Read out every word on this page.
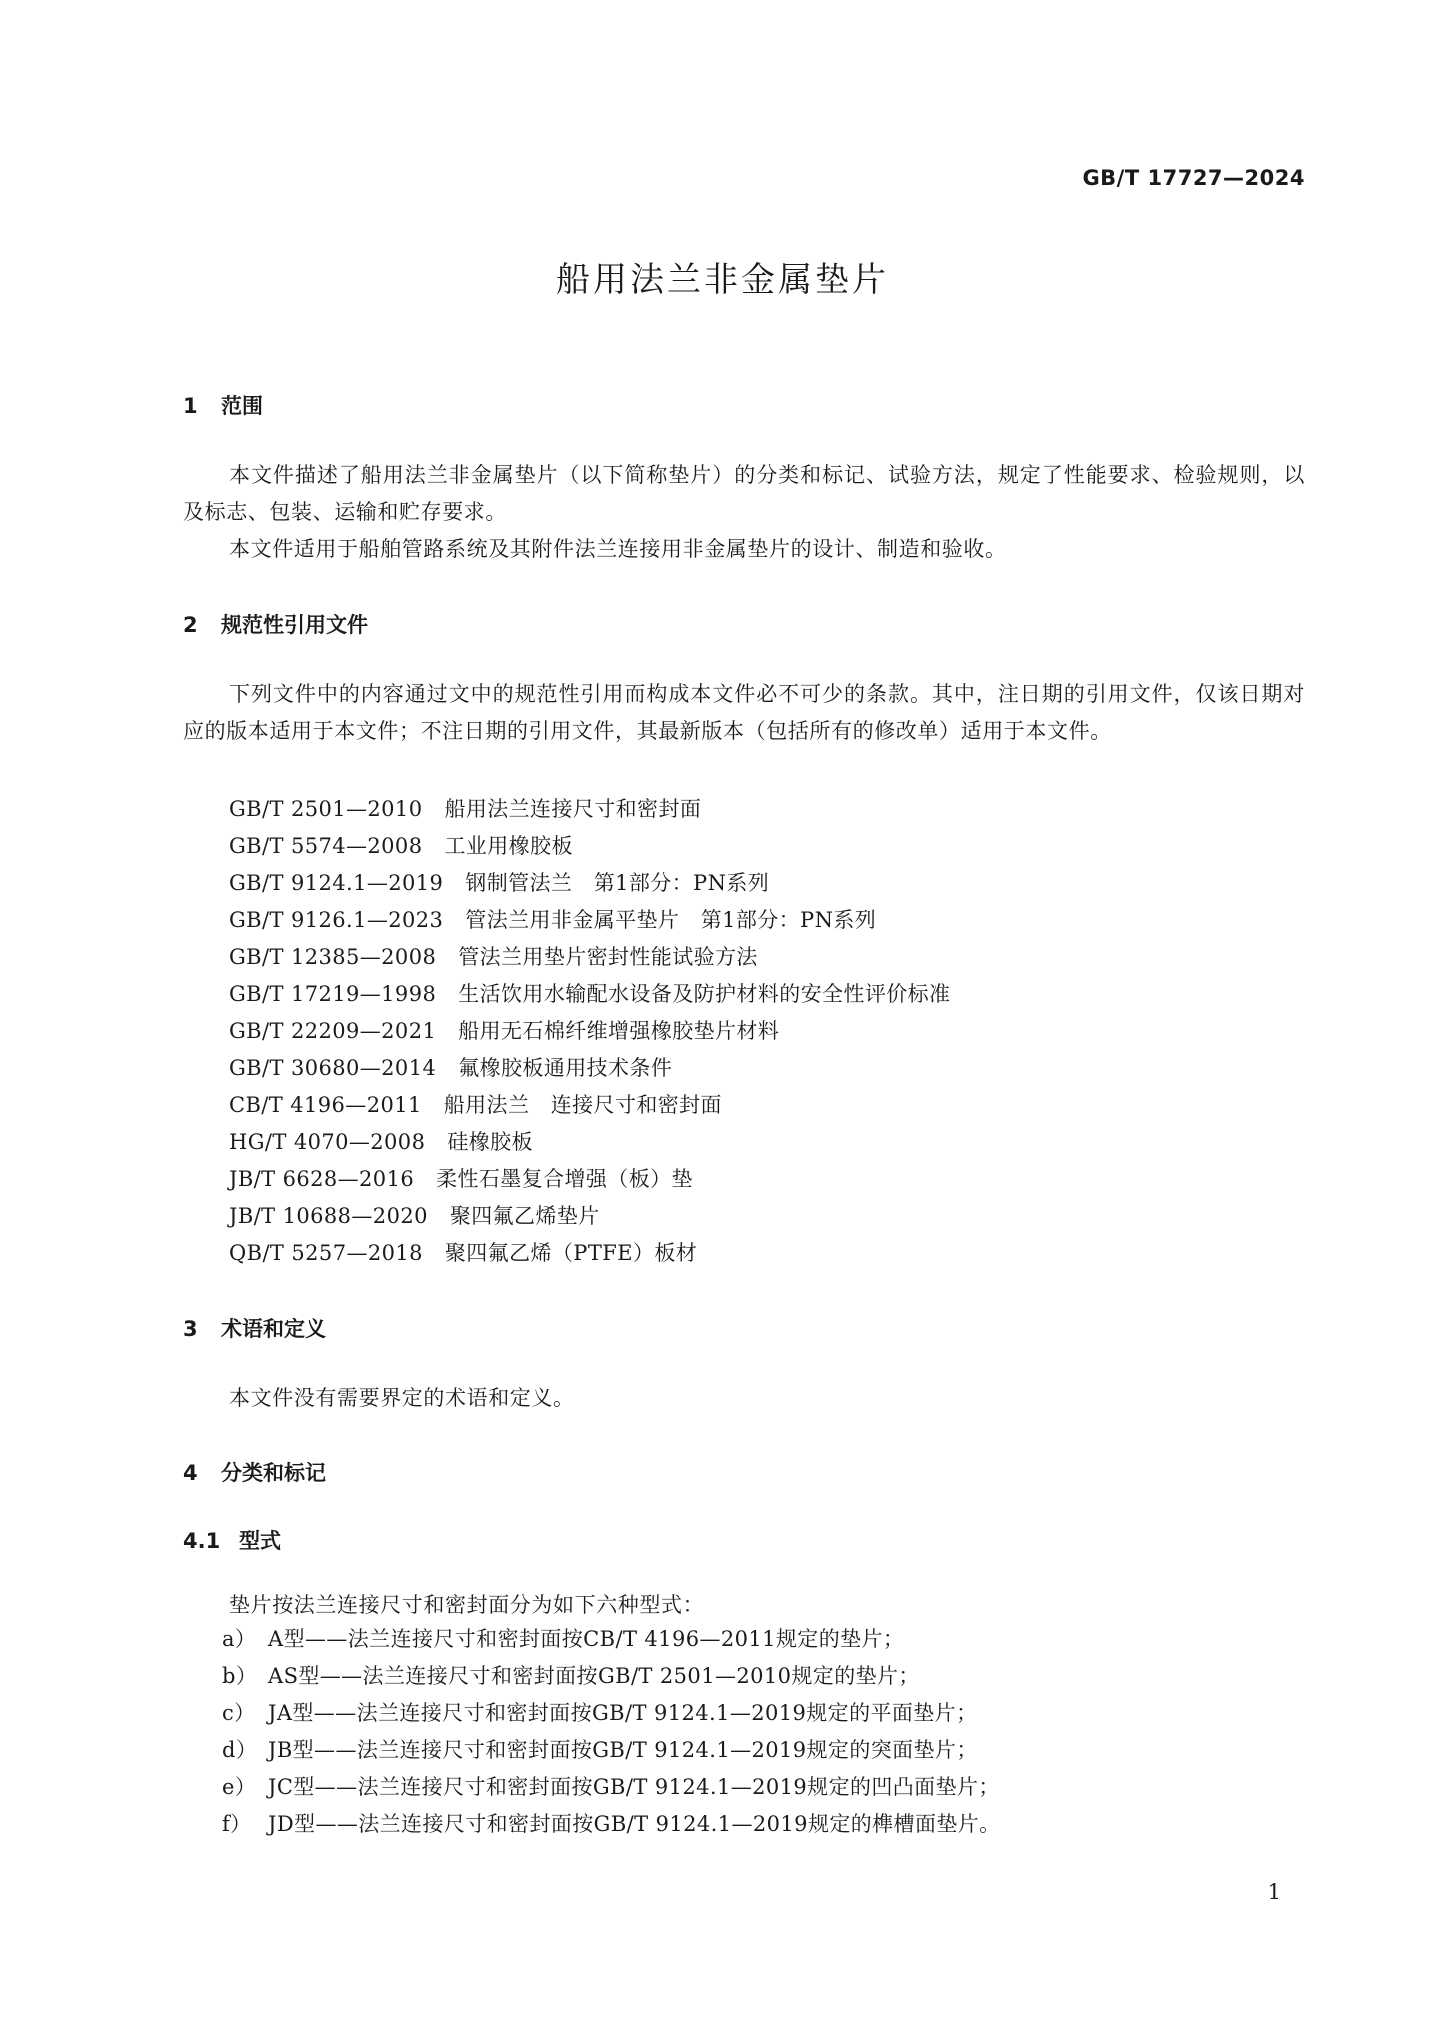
GB/T 17727—2024
船用法兰非金属垫片
1 范围
本文件描述了船用法兰非金属垫片（以下简称垫片）的分类和标记、试验方法，规定了性能要求、检验规则，以及标志、包装、运输和贮存要求。
本文件适用于船舶管路系统及其附件法兰连接用非金属垫片的设计、制造和验收。
2 规范性引用文件
下列文件中的内容通过文中的规范性引用而构成本文件必不可少的条款。其中，注日期的引用文件，仅该日期对应的版本适用于本文件；不注日期的引用文件，其最新版本（包括所有的修改单）适用于本文件。
GB/T 2501—2010 船用法兰连接尺寸和密封面
GB/T 5574—2008 工业用橡胶板
GB/T 9124.1—2019 钢制管法兰　第1部分：PN系列
GB/T 9126.1—2023 管法兰用非金属平垫片　第1部分：PN系列
GB/T 12385—2008 管法兰用垫片密封性能试验方法
GB/T 17219—1998 生活饮用水输配水设备及防护材料的安全性评价标准
GB/T 22209—2021 船用无石棉纤维增强橡胶垫片材料
GB/T 30680—2014 氟橡胶板通用技术条件
CB/T 4196—2011 船用法兰　连接尺寸和密封面
HG/T 4070—2008 硅橡胶板
JB/T 6628—2016 柔性石墨复合增强（板）垫
JB/T 10688—2020 聚四氟乙烯垫片
QB/T 5257—2018 聚四氟乙烯（PTFE）板材
3 术语和定义
本文件没有需要界定的术语和定义。
4 分类和标记
4.1 型式
垫片按法兰连接尺寸和密封面分为如下六种型式：
a） A型——法兰连接尺寸和密封面按CB/T 4196—2011规定的垫片；
b） AS型——法兰连接尺寸和密封面按GB/T 2501—2010规定的垫片；
c） JA型——法兰连接尺寸和密封面按GB/T 9124.1—2019规定的平面垫片；
d） JB型——法兰连接尺寸和密封面按GB/T 9124.1—2019规定的突面垫片；
e） JC型——法兰连接尺寸和密封面按GB/T 9124.1—2019规定的凹凸面垫片；
f） JD型——法兰连接尺寸和密封面按GB/T 9124.1—2019规定的榫槽面垫片。
1
